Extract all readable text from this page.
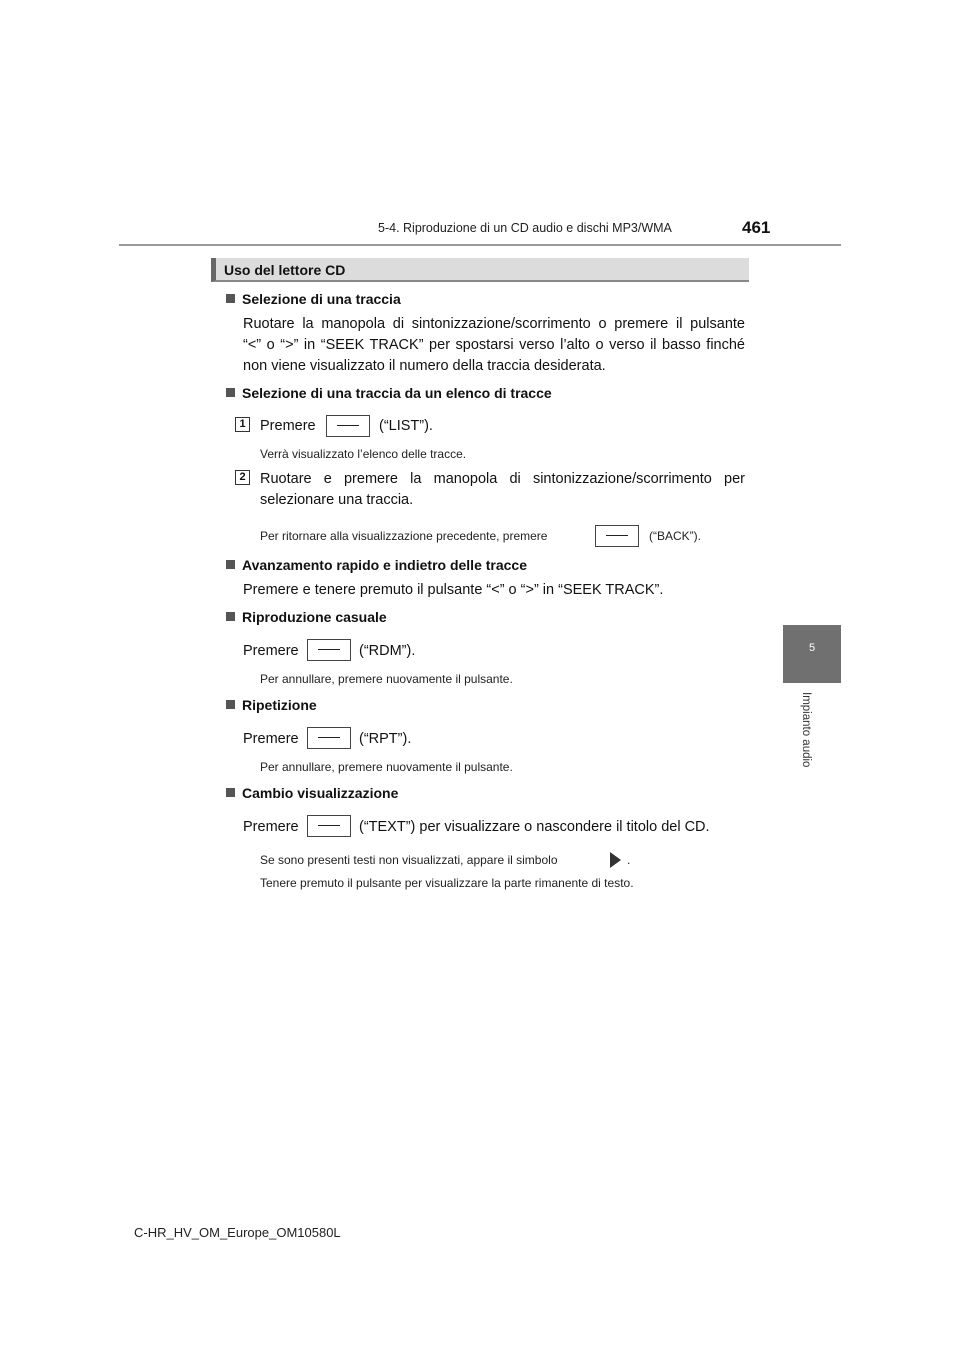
5-4. Riproduzione di un CD audio e dischi MP3/WMA	461
5
Impianto audio
Uso del lettore CD
Selezione di una traccia
Ruotare la manopola di sintonizzazione/scorrimento o premere il pulsante
“<” o “>” in “SEEK TRACK” per spostarsi verso l’alto o verso il basso finché
non viene visualizzato il numero della traccia desiderata.
Selezione di una traccia da un elenco di tracce
1 Premere	(“LIST”).
Verrà visualizzato l’elenco delle tracce.
2 Ruotare e premere la manopola di sintonizzazione/scorrimento per
selezionare una traccia.
Per ritornare alla visualizzazione precedente, premere	(“BACK”).
Avanzamento rapido e indietro delle tracce
Premere e tenere premuto il pulsante “<” o “>” in “SEEK TRACK”.
Riproduzione casuale
Premere	(“RDM”).
Per annullare, premere nuovamente il pulsante.
Ripetizione
Premere	(“RPT”).
Per annullare, premere nuovamente il pulsante.
Cambio visualizzazione
Premere	(“TEXT”) per visualizzare o nascondere il titolo del CD.
Se sono presenti testi non visualizzati, appare il simbolo	.
Tenere premuto il pulsante per visualizzare la parte rimanente di testo.
C-HR_HV_OM_Europe_OM10580L
